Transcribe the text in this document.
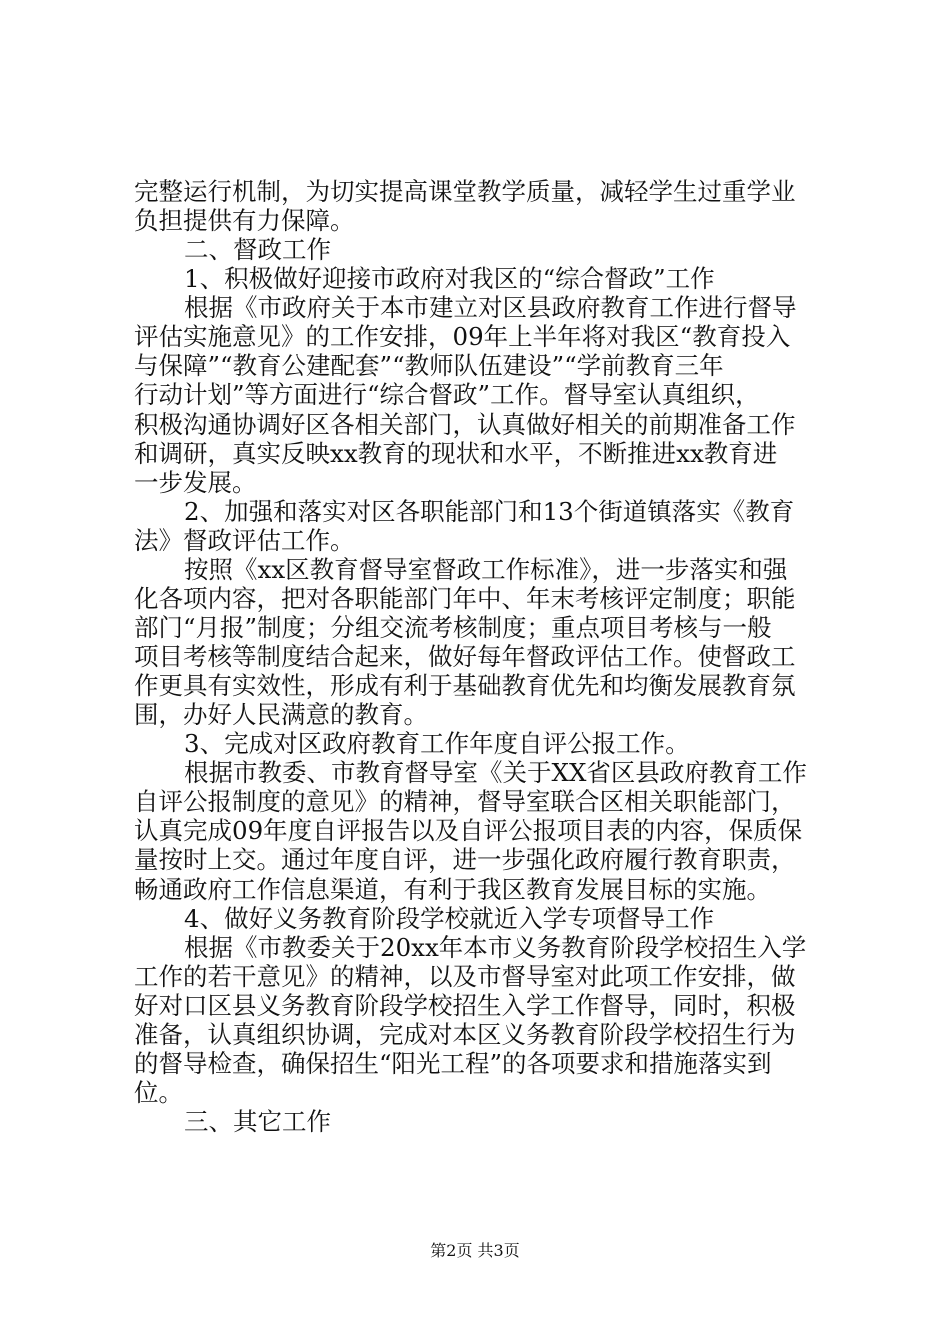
完整运行机制，为切实提高课堂教学质量，减轻学生过重学业
负担提供有力保障。
二、督政工作
1、积极做好迎接市政府对我区的“综合督政”工作
根据《市政府关于本市建立对区县政府教育工作进行督导
评估实施意见》的工作安排，09年上半年将对我区“教育投入
与保障”“教育公建配套”“教师队伍建设”“学前教育三年
行动计划”等方面进行“综合督政”工作。督导室认真组织，
积极沟通协调好区各相关部门，认真做好相关的前期准备工作
和调研，真实反映xx教育的现状和水平，不断推进xx教育进
一步发展。
2、加强和落实对区各职能部门和13个街道镇落实《教育
法》督政评估工作。
按照《xx区教育督导室督政工作标准》，进一步落实和强
化各项内容，把对各职能部门年中、年末考核评定制度；职能
部门“月报”制度；分组交流考核制度；重点项目考核与一般
项目考核等制度结合起来，做好每年督政评估工作。使督政工
作更具有实效性，形成有利于基础教育优先和均衡发展教育氛
围，办好人民满意的教育。
3、完成对区政府教育工作年度自评公报工作。
根据市教委、市教育督导室《关于XX省区县政府教育工作
自评公报制度的意见》的精神，督导室联合区相关职能部门，
认真完成09年度自评报告以及自评公报项目表的内容，保质保
量按时上交。通过年度自评，进一步强化政府履行教育职责，
畅通政府工作信息渠道，有利于我区教育发展目标的实施。
4、做好义务教育阶段学校就近入学专项督导工作
根据《市教委关于20xx年本市义务教育阶段学校招生入学
工作的若干意见》的精神，以及市督导室对此项工作安排，做
好对口区县义务教育阶段学校招生入学工作督导，同时，积极
准备，认真组织协调，完成对本区义务教育阶段学校招生行为
的督导检查，确保招生“阳光工程”的各项要求和措施落实到
位。
三、其它工作
第2页 共3页
